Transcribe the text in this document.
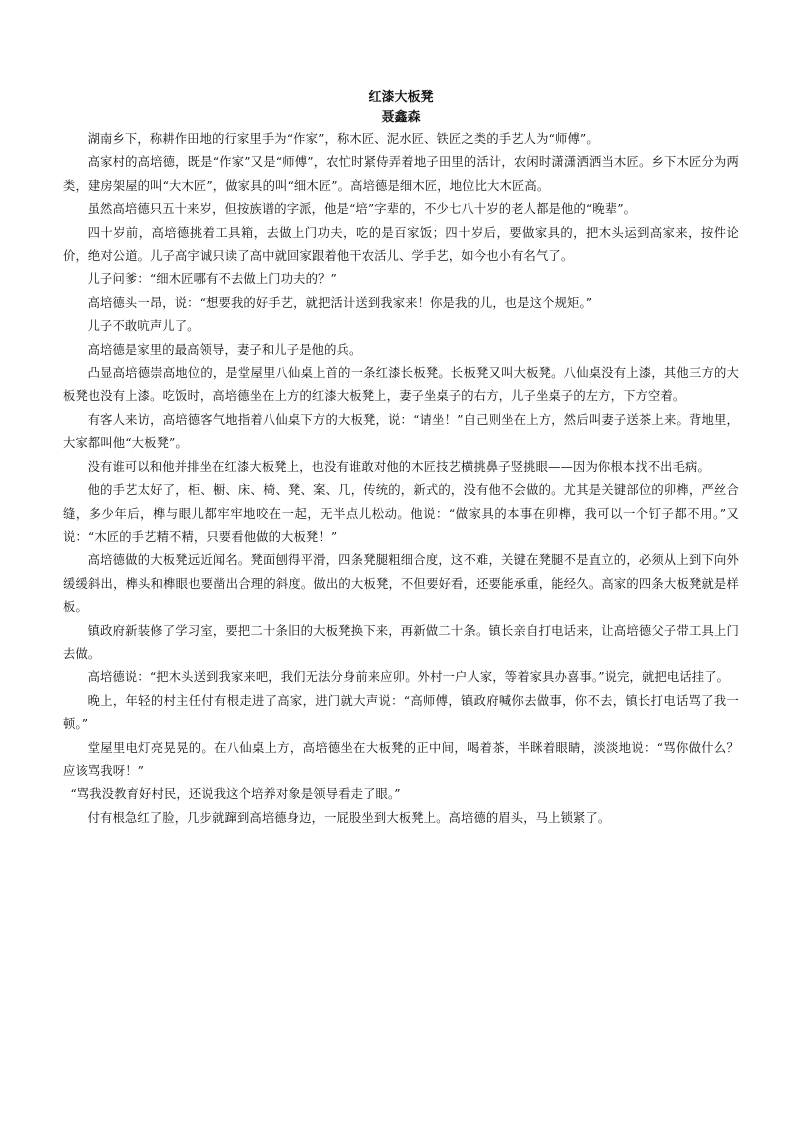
红漆大板凳
聂鑫森

湖南乡下，称耕作田地的行家里手为“作家”，称木匠、泥水匠、铁匠之类的手艺人为“师傅”。

高家村的高培德，既是“作家”又是“师傅”，农忙时紧侍弄着地子田里的活计，农闲时潇潇洒洒当木匠。乡下木匠分为两类，建房架屋的叫“大木匠”，做家具的叫“细木匠”。高培德是细木匠，地位比大木匠高。

虽然高培德只五十来岁，但按族谱的字派，他是“培”字辈的，不少七八十岁的老人都是他的“晚辈”。

四十岁前，高培德挑着工具箱，去做上门功夫，吃的是百家饭；四十岁后，要做家具的，把木头运到高家来，按件论价，绝对公道。儿子高宇诚只读了高中就回家跟着他干农活儿、学手艺，如今也小有名气了。

儿子问爹：“细木匠哪有不去做上门功夫的？”

高培德头一昂，说：“想要我的好手艺，就把活计送到我家来！你是我的儿，也是这个规矩。”

儿子不敢吭声儿了。

高培德是家里的最高领导，妻子和儿子是他的兵。

凸显高培德崇高地位的，是堂屋里八仙桌上首的一条红漆长板凳。长板凳又叫大板凳。八仙桌没有上漆，其他三方的大板凳也没有上漆。吃饭时，高培德坐在上方的红漆大板凳上，妻子坐桌子的右方，儿子坐桌子的左方，下方空着。

有客人来访，高培德客气地指着八仙桌下方的大板凳，说：“请坐！”自己则坐在上方，然后叫妻子送茶上来。背地里，大家都叫他“大板凳”。

没有谁可以和他并排坐在红漆大板凳上，也没有谁敢对他的木匠技艺横挑鼻子竖挑眼——因为你根本找不出毛病。

他的手艺太好了，柜、橱、床、椅、凳、案、几，传统的，新式的，没有他不会做的。尤其是关键部位的卯榫，严丝合缝，多少年后，榫与眼儿都牢牢地咬在一起，无半点儿松动。他说：“做家具的本事在卯榫，我可以一个钉子都不用。”又说：“木匠的手艺精不精，只要看他做的大板凳！”

高培德做的大板凳远近闻名。凳面刨得平滑，四条凳腿粗细合度，这不难，关键在凳腿不是直立的，必须从上到下向外缓缓斜出，榫头和榫眼也要凿出合理的斜度。做出的大板凳，不但要好看，还要能承重，能经久。高家的四条大板凳就是样板。

镇政府新装修了学习室，要把二十条旧的大板凳换下来，再新做二十条。镇长亲自打电话来，让高培德父子带工具上门去做。

高培德说：“把木头送到我家来吧，我们无法分身前来应卯。外村一户人家，等着家具办喜事。”说完，就把电话挂了。

晚上，年轻的村主任付有根走进了高家，进门就大声说：“高师傅，镇政府喊你去做事，你不去，镇长打电话骂了我一顿。”

堂屋里电灯亮晃晃的。在八仙桌上方，高培德坐在大板凳的正中间，喝着茶，半眯着眼睛，淡淡地说：“骂你做什么？应该骂我呀！”

“骂我没教育好村民，还说我这个培养对象是领导看走了眼。”

付有根急红了脸，几步就蹿到高培德身边，一屁股坐到大板凳上。高培德的眉头，马上锁紧了。
